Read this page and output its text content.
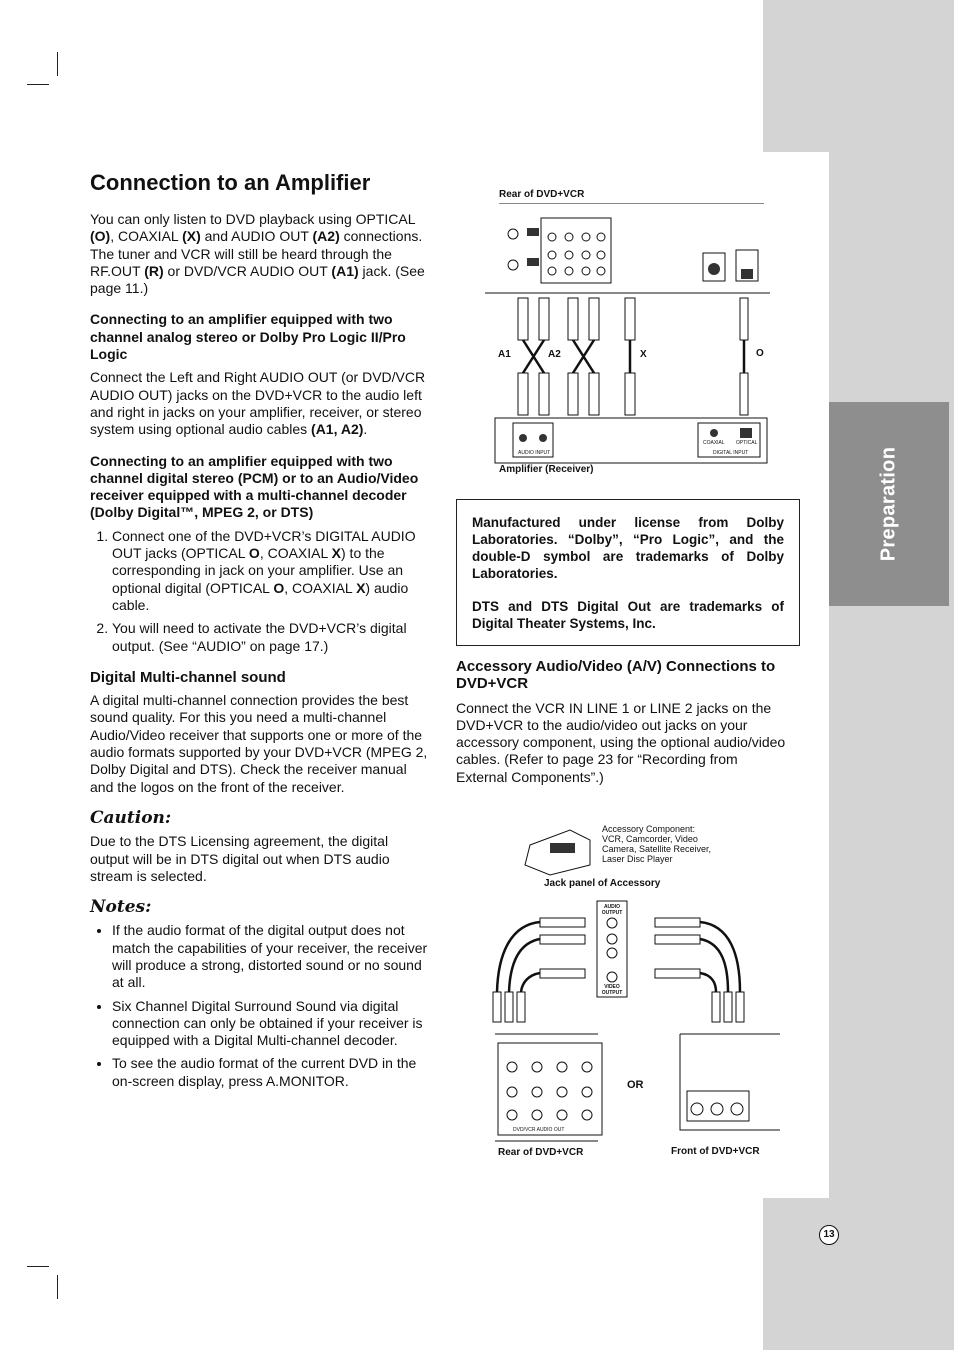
Preparation
13
Connection to an Amplifier

You can only listen to DVD playback using OPTICAL (O), COAXIAL (X) and AUDIO OUT (A2) connections. The tuner and VCR will still be heard through the RF.OUT (R) or DVD/VCR AUDIO OUT (A1) jack. (See page 11.)

Connecting to an amplifier equipped with two channel analog stereo or Dolby Pro Logic II/Pro Logic

Connect the Left and Right AUDIO OUT (or DVD/VCR AUDIO OUT) jacks on the DVD+VCR to the audio left and right in jacks on your amplifier, receiver, or stereo system using optional audio cables (A1, A2).

Connecting to an amplifier equipped with two channel digital stereo (PCM) or to an Audio/Video receiver equipped with a multi-channel decoder (Dolby Digital™, MPEG 2, or DTS)

1. Connect one of the DVD+VCR’s DIGITAL AUDIO OUT jacks (OPTICAL O, COAXIAL X) to the corresponding in jack on your amplifier. Use an optional digital (OPTICAL O, COAXIAL X) audio cable.
2. You will need to activate the DVD+VCR’s digital output. (See “AUDIO” on page 17.)
Digital Multi-channel sound

A digital multi-channel connection provides the best sound quality. For this you need a multi-channel Audio/Video receiver that supports one or more of the audio formats supported by your DVD+VCR (MPEG 2, Dolby Digital and DTS). Check the receiver manual and the logos on the front of the receiver.

Caution:

Due to the DTS Licensing agreement, the digital output will be in DTS digital out when DTS audio stream is selected.

Notes:
• If the audio format of the digital output does not match the capabilities of your receiver, the receiver will produce a strong, distorted sound or no sound at all.
• Six Channel Digital Surround Sound via digital connection can only be obtained if your receiver is equipped with a Digital Multi-channel decoder.
• To see the audio format of the current DVD in the on-screen display, press A.MONITOR.
Rear of DVD+VCR
A1	A2	X	O
AUDIO INPUT	DIGITAL INPUT
COAXIAL OPTICAL
Amplifier (Receiver)

Manufactured under license from Dolby Laboratories. “Dolby”, “Pro Logic”, and the double-D symbol are trademarks of Dolby Laboratories.

DTS and DTS Digital Out are trademarks of Digital Theater Systems, Inc.

Accessory Audio/Video (A/V) Connections to DVD+VCR

Connect the VCR IN LINE 1 or LINE 2 jacks on the DVD+VCR to the audio/video out jacks on your accessory component, using the optional audio/video cables. (Refer to page 23 for “Recording from External Components”.)

Accessory Component: VCR, Camcorder, Video Camera, Satellite Receiver, Laser Disc Player
Jack panel of Accessory
AUDIO OUTPUT
VIDEO OUTPUT
OR
DVD/VCR AUDIO OUT
Rear of DVD+VCR	Front of DVD+VCR
